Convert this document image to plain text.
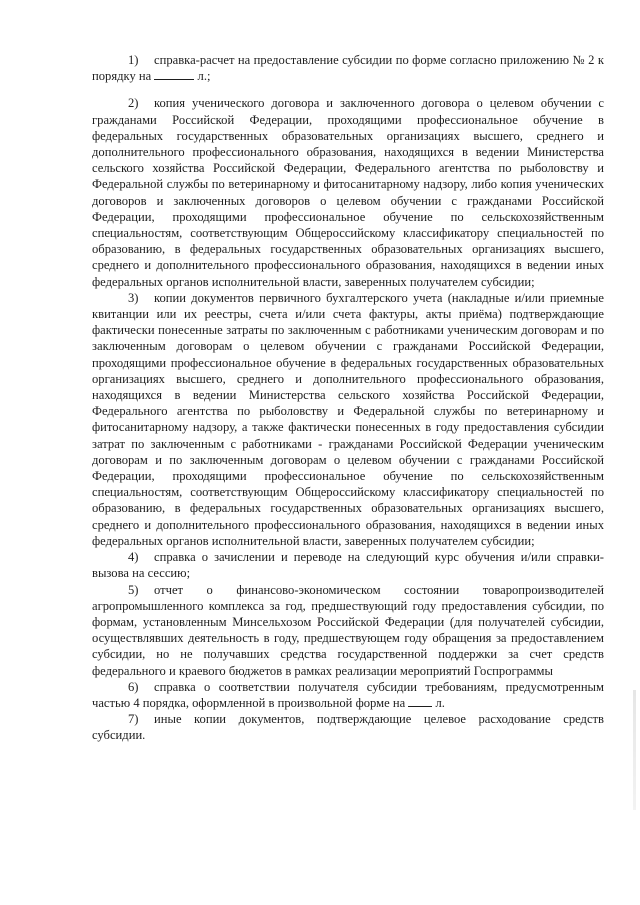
1) справка-расчет на предоставление субсидии по форме согласно приложению № 2 к порядку на	л.;

2) копия ученического договора и заключенного договора о целевом обучении с гражданами Российской Федерации, проходящими профессиональное обучение в федеральных государственных образовательных организациях высшего, среднего и дополнительного профессионального образования, находящихся в ведении Министерства сельского хозяйства Российской Федерации, Федерального агентства по рыболовству и Федеральной службы по ветеринарному и фитосанитарному надзору, либо копия ученических договоров и заключенных договоров о целевом обучении с гражданами Российской Федерации, проходящими профессиональное обучение по сельскохозяйственным специальностям, соответствующим Общероссийскому классификатору специальностей по образованию, в федеральных государственных образовательных организациях высшего, среднего и дополнительного профессионального образования, находящихся в ведении иных федеральных органов исполнительной власти, заверенных получателем субсидии;

3) копии документов первичного бухгалтерского учета (накладные и/или приемные квитанции или их реестры, счета и/или счета фактуры, акты приёма) подтверждающие фактически понесенные затраты по заключенным с работниками ученическим договорам и по заключенным договорам о целевом обучении с гражданами Российской Федерации, проходящими профессиональное обучение в федеральных государственных образовательных организациях высшего, среднего и дополнительного профессионального образования, находящихся в ведении Министерства сельского хозяйства Российской Федерации, Федерального агентства по рыболовству и Федеральной службы по ветеринарному и фитосанитарному надзору, а также фактически понесенных в году предоставления субсидии затрат по заключенным с работниками - гражданами Российской Федерации ученическим договорам и по заключенным договорам о целевом обучении с гражданами Российской Федерации, проходящими профессиональное обучение по сельскохозяйственным специальностям, соответствующим Общероссийскому классификатору специальностей по образованию, в федеральных государственных образовательных организациях высшего, среднего и дополнительного профессионального образования, находящихся в ведении иных федеральных органов исполнительной власти, заверенных получателем субсидии;

4) справка о зачислении и переводе на следующий курс обучения и/или справки-вызова на сессию;

5) отчет о финансово-экономическом состоянии товаропроизводителей агропромышленного комплекса за год, предшествующий году предоставления субсидии, по формам, установленным Минсельхозом Российской Федерации (для получателей субсидии, осуществлявших деятельность в году, предшествующем году обращения за предоставлением субсидии, но не получавших средства государственной поддержки за счет средств федерального и краевого бюджетов в рамках реализации мероприятий Госпрограммы

6) справка о соответствии получателя субсидии требованиям, предусмотренным частью 4 порядка, оформленной в произвольной форме на  л.

7) иные копии документов, подтверждающие целевое расходование средств субсидии.
